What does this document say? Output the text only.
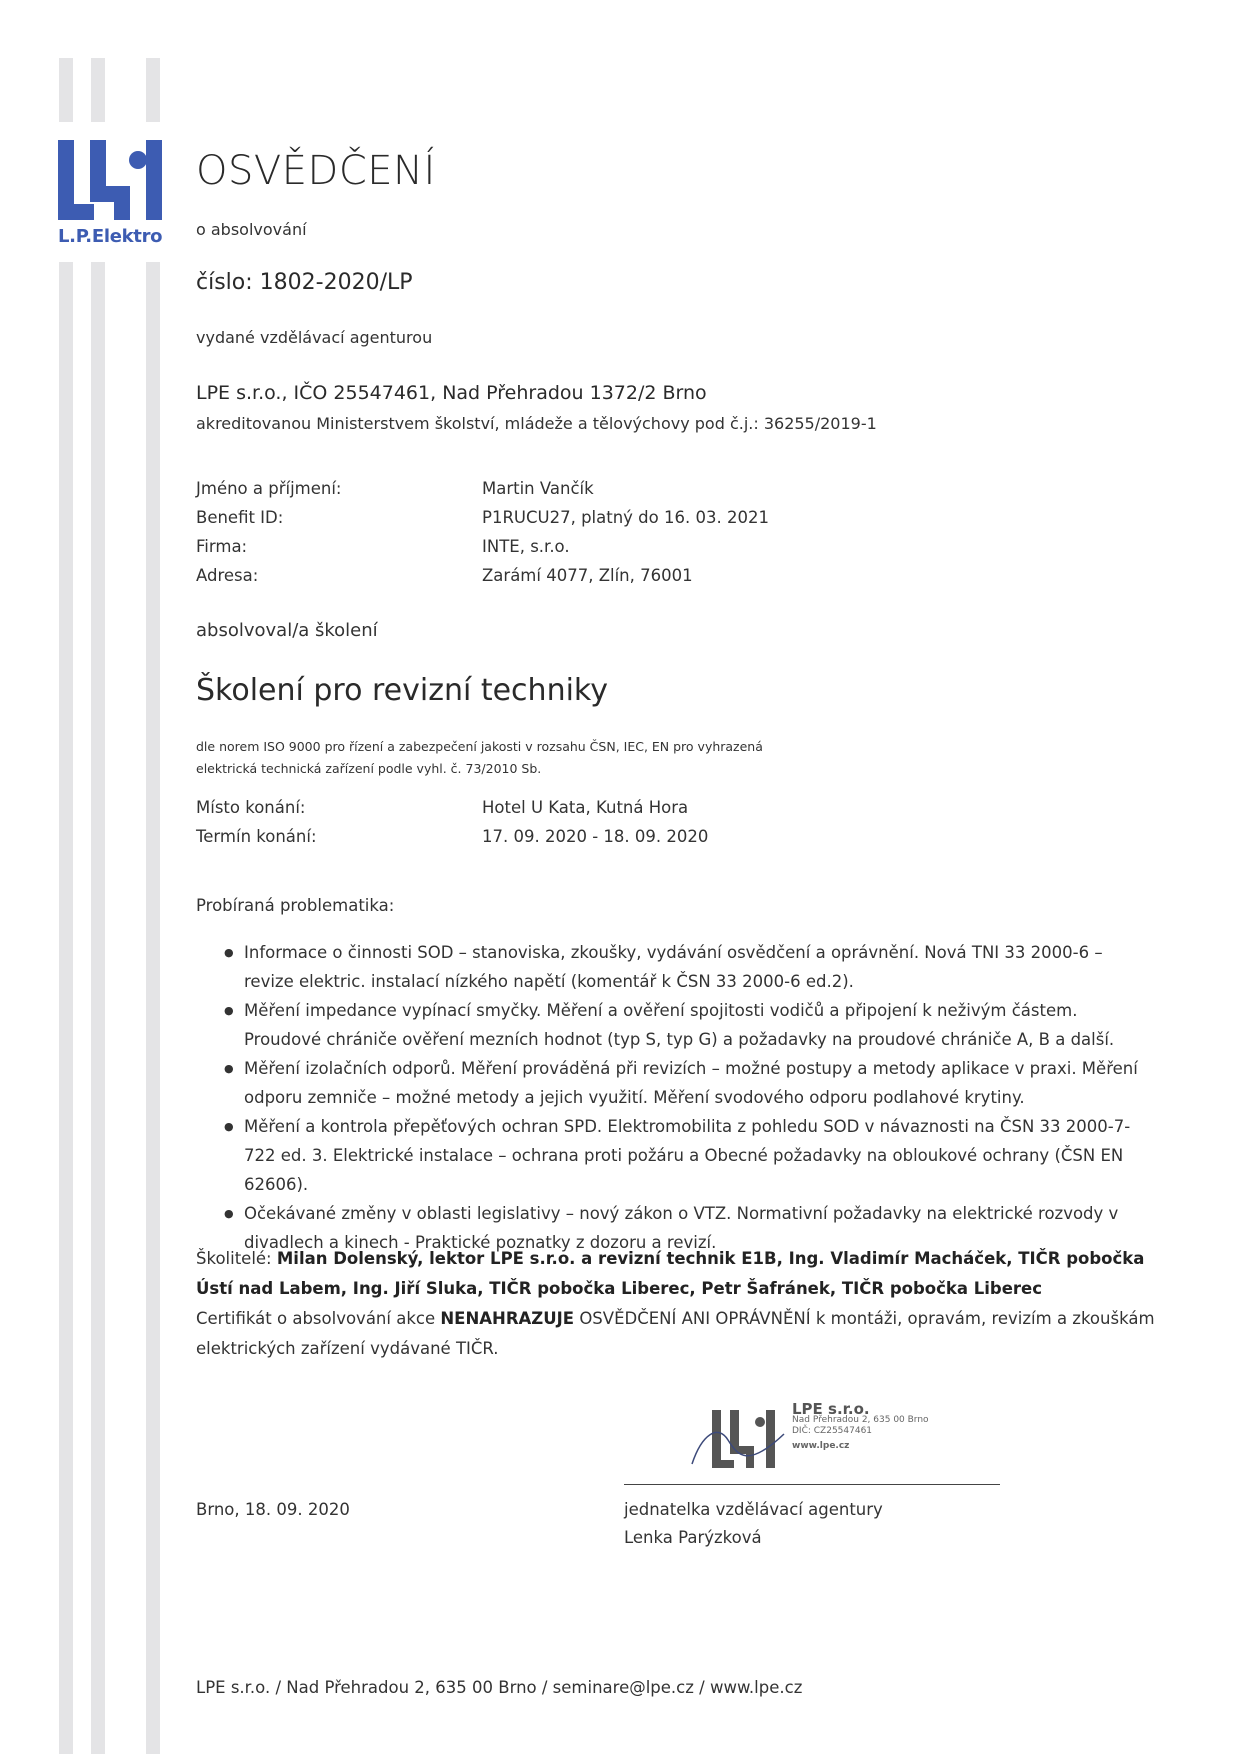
L.P.Elektro
OSVĚDČENÍ
o absolvování
číslo: 1802-2020/LP
vydané vzdělávací agenturou
LPE s.r.o., IČO 25547461, Nad Přehradou 1372/2 Brno
akreditovanou Ministerstvem školství, mládeže a tělovýchovy pod č.j.: 36255/2019-1
Jméno a příjmení:	Martin Vančík
Benefit ID:	P1RUCU27, platný do 16. 03. 2021
Firma:	INTE, s.r.o.
Adresa:	Zarámí 4077, Zlín, 76001
absolvoval/a školení
Školení pro revizní techniky
dle norem ISO 9000 pro řízení a zabezpečení jakosti v rozsahu ČSN, IEC, EN pro vyhrazená
elektrická technická zařízení podle vyhl. č. 73/2010 Sb.
Místo konání:	Hotel U Kata, Kutná Hora
Termín konání:	17. 09. 2020 - 18. 09. 2020
Probíraná problematika:
● Informace o činnosti SOD – stanoviska, zkoušky, vydávání osvědčení a oprávnění. Nová TNI 33 2000-6 – revize elektric. instalací nízkého napětí (komentář k ČSN 33 2000-6 ed.2).
● Měření impedance vypínací smyčky. Měření a ověření spojitosti vodičů a připojení k neživým částem. Proudové chrániče ověření mezních hodnot (typ S, typ G) a požadavky na proudové chrániče A, B a další.
● Měření izolačních odporů. Měření prováděná při revizích – možné postupy a metody aplikace v praxi. Měření odporu zemniče – možné metody a jejich využití. Měření svodového odporu podlahové krytiny.
● Měření a kontrola přepěťových ochran SPD. Elektromobilita z pohledu SOD v návaznosti na ČSN 33 2000-7-722 ed. 3. Elektrické instalace – ochrana proti požáru a Obecné požadavky na obloukové ochrany (ČSN EN 62606).
● Očekávané změny v oblasti legislativy – nový zákon o VTZ. Normativní požadavky na elektrické rozvody v divadlech a kinech - Praktické poznatky z dozoru a revizí.
Školitelé: Milan Dolenský, lektor LPE s.r.o. a revizní technik E1B, Ing. Vladimír Macháček, TIČR pobočka Ústí nad Labem, Ing. Jiří Sluka, TIČR pobočka Liberec, Petr Šafránek, TIČR pobočka Liberec
Certifikát o absolvování akce NENAHRAZUJE OSVĚDČENÍ ANI OPRÁVNĚNÍ k montáži, opravám, revizím a zkouškám elektrických zařízení vydávané TIČR.
LPE s.r.o.
Nad Přehradou 2, 635 00 Brno
DIČ: CZ25547461
www.lpe.cz
Brno, 18. 09. 2020	jednatelka vzdělávací agentury
Lenka Parýzková
LPE s.r.o. / Nad Přehradou 2, 635 00 Brno / seminare@lpe.cz / www.lpe.cz
